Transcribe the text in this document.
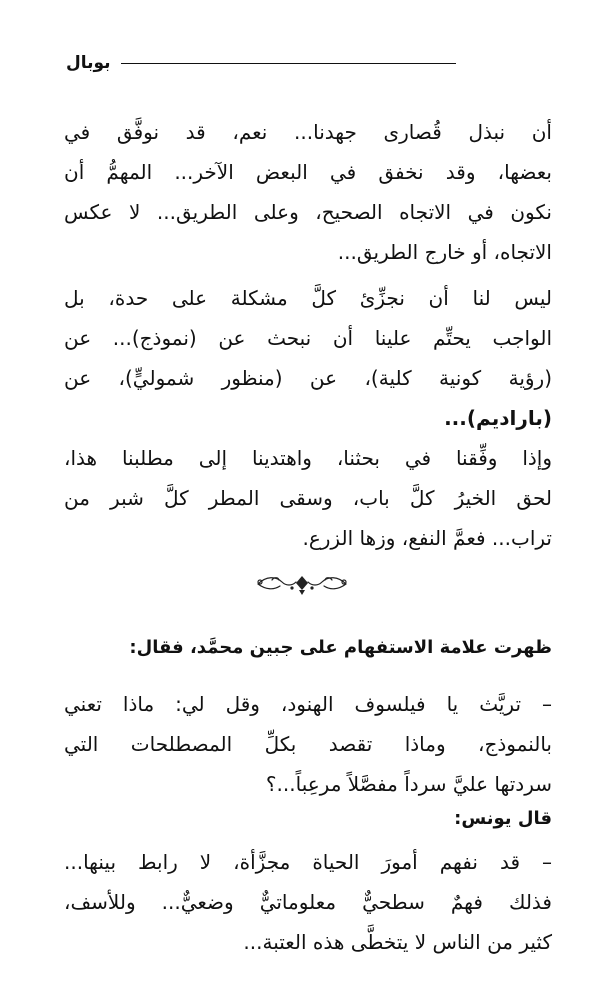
بوبال

أن نبذل قُصارى جهدنا... نعم، قد نوفَّق في
بعضها، وقد نخفق في البعض الآخر... المهمُّ أن
نكون في الاتجاه الصحيح، وعلى الطريق... لا عكس
الاتجاه، أو خارج الطريق...

ليس لنا أن نجزِّئ كلَّ مشكلة على حدة، بل
الواجب يحتِّم علينا أن نبحث عن (نموذج)... عن
(رؤية كونية كلية)، عن (منظور شموليٍّ)، عن
(باراديم)...

وإذا وفِّقنا في بحثنا، واهتدينا إلى مطلبنا هذا،
لحق الخيرُ كلَّ باب، وسقى المطر كلَّ شبر من
تراب... فعمَّ النفع، وزها الزرع.

ظهرت علامة الاستفهام على جبين محمَّد، فقال:

– تريَّث يا فيلسوف الهنود، وقل لي: ماذا تعني
بالنموذج، وماذا تقصد بكلِّ المصطلحات التي
سردتها عليَّ سرداً مفصَّلاً مرعِباً...؟

قال يونس:

– قد نفهم أمورَ الحياة مجزَّأة، لا رابط بينها...
فذلك فهمٌ سطحيٌّ معلوماتيٌّ وضعيٌّ... وللأسف،
كثير من الناس لا يتخطَّى هذه العتبة...
